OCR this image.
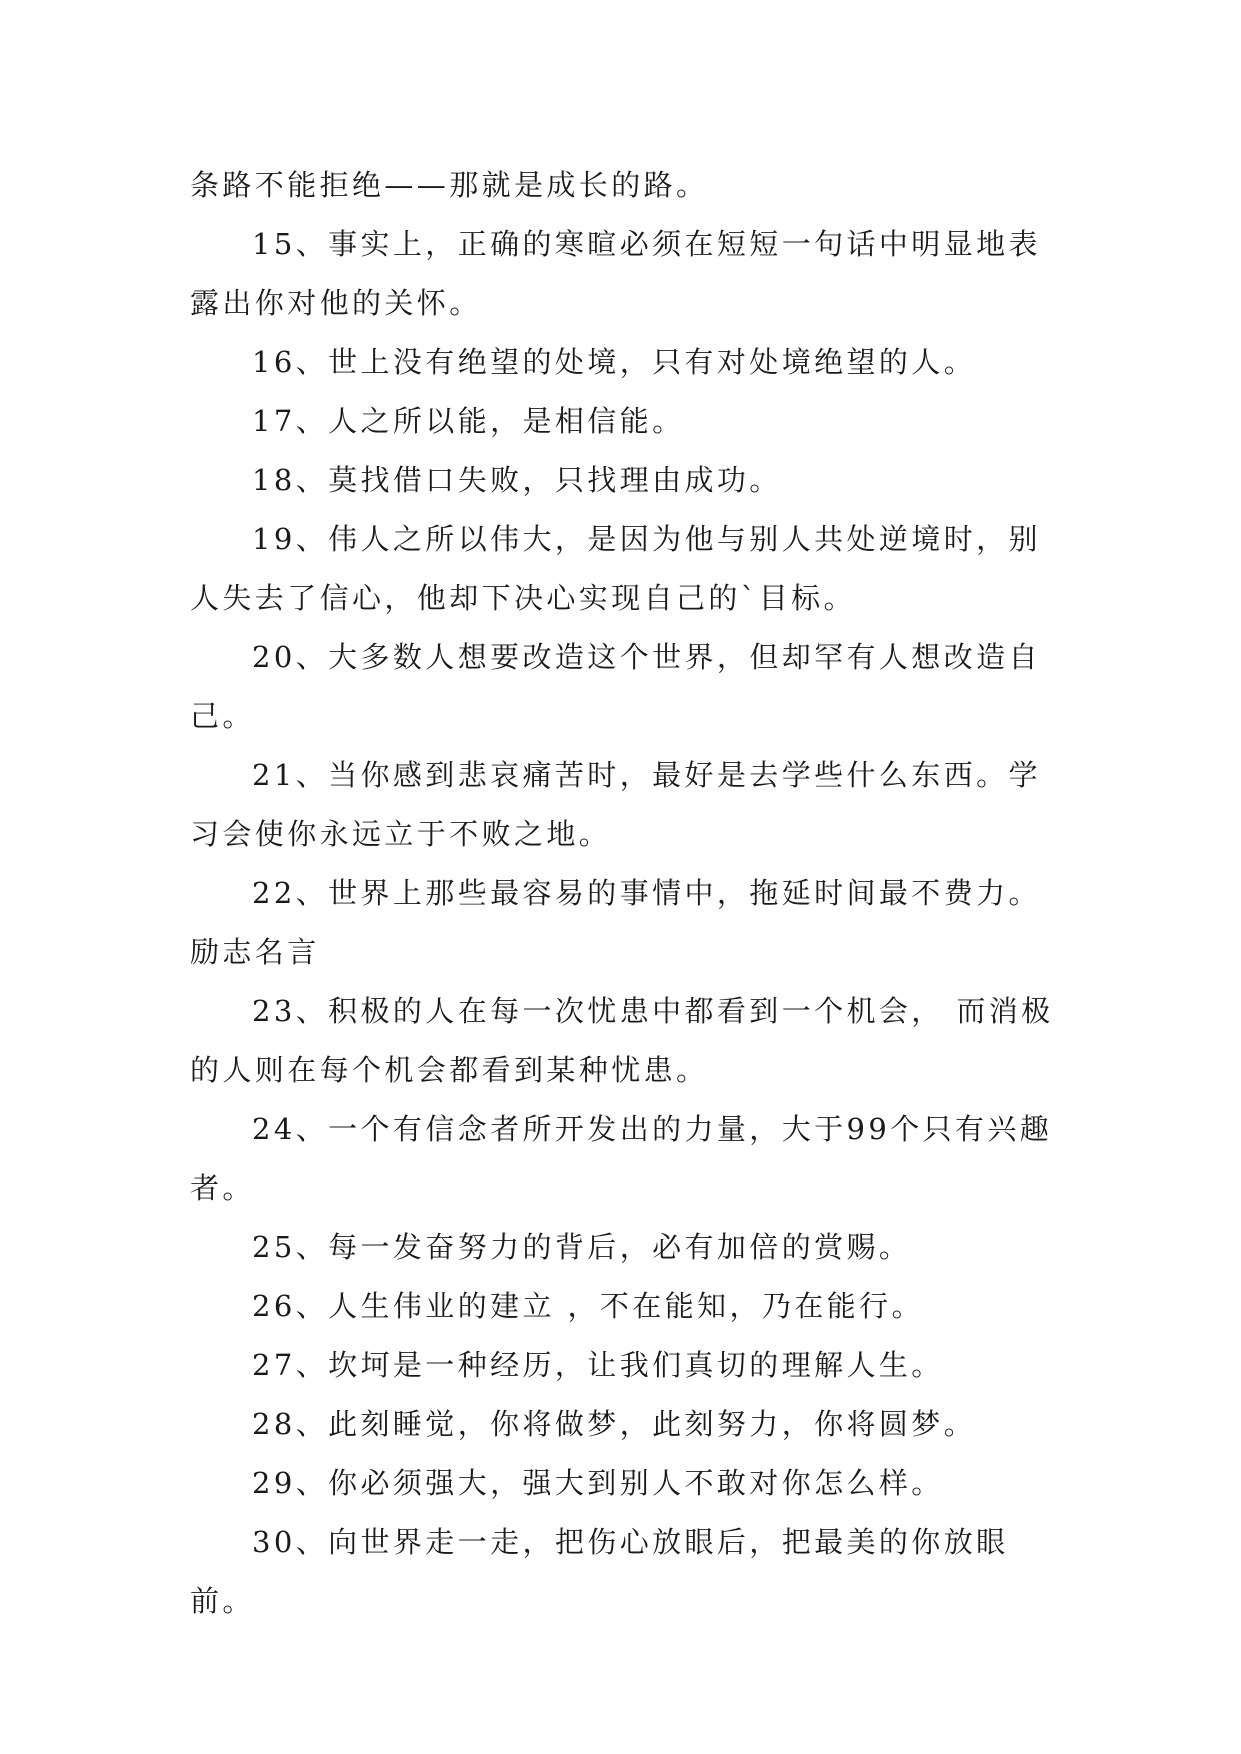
条路不能拒绝——那就是成长的路。

15、事实上，正确的寒暄必须在短短一句话中明显地表露出你对他的关怀。

16、世上没有绝望的处境，只有对处境绝望的人。

17、人之所以能，是相信能。

18、莫找借口失败，只找理由成功。

19、伟人之所以伟大，是因为他与别人共处逆境时，别人失去了信心，他却下决心实现自己的`目标。

20、大多数人想要改造这个世界，但却罕有人想改造自己。

21、当你感到悲哀痛苦时，最好是去学些什么东西。学习会使你永远立于不败之地。

22、世界上那些最容易的事情中，拖延时间最不费力。励志名言

23、积极的人在每一次忧患中都看到一个机会， 而消极的人则在每个机会都看到某种忧患。

24、一个有信念者所开发出的力量，大于99个只有兴趣者。

25、每一发奋努力的背后，必有加倍的赏赐。

26、人生伟业的建立 ，不在能知，乃在能行。

27、坎坷是一种经历，让我们真切的理解人生。

28、此刻睡觉，你将做梦，此刻努力，你将圆梦。

29、你必须强大，强大到别人不敢对你怎么样。

30、向世界走一走，把伤心放眼后，把最美的你放眼前。
